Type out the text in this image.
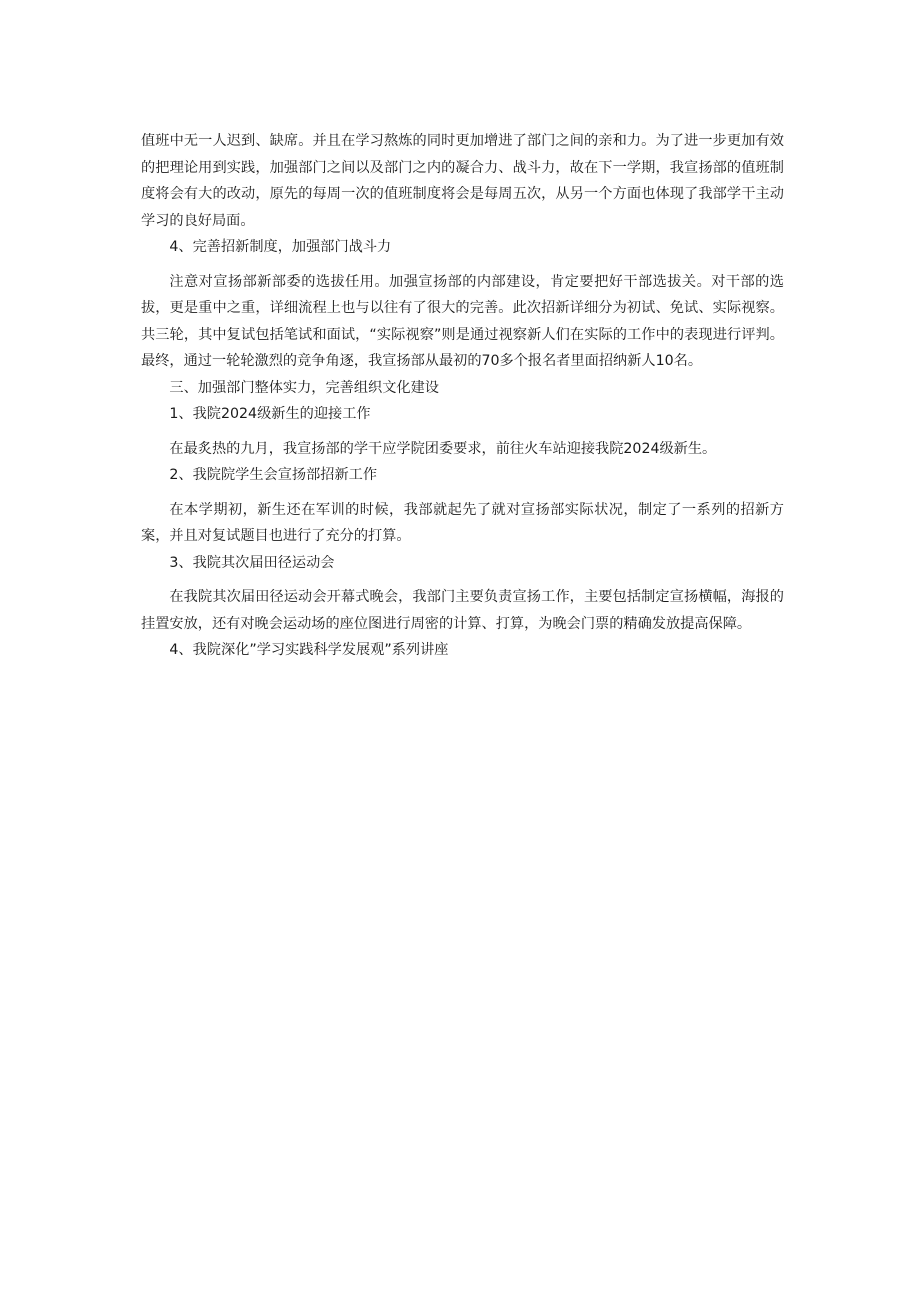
值班中无一人迟到、缺席。并且在学习熬炼的同时更加增进了部门之间的亲和力。为了进一步更加有效的把理论用到实践，加强部门之间以及部门之内的凝合力、战斗力，故在下一学期，我宣扬部的值班制度将会有大的改动，原先的每周一次的值班制度将会是每周五次，从另一个方面也体现了我部学干主动学习的良好局面。

4、完善招新制度，加强部门战斗力

注意对宣扬部新部委的选拔任用。加强宣扬部的内部建设，肯定要把好干部选拔关。对干部的选拔，更是重中之重，详细流程上也与以往有了很大的完善。此次招新详细分为初试、免试、实际视察。共三轮，其中复试包括笔试和面试，“实际视察”则是通过视察新人们在实际的工作中的表现进行评判。最终，通过一轮轮激烈的竞争角逐，我宣扬部从最初的70多个报名者里面招纳新人10名。

三、加强部门整体实力，完善组织文化建设

1、我院2024级新生的迎接工作

在最炙热的九月，我宣扬部的学干应学院团委要求，前往火车站迎接我院2024级新生。

2、我院院学生会宣扬部招新工作

在本学期初，新生还在军训的时候，我部就起先了就对宣扬部实际状况，制定了一系列的招新方案，并且对复试题目也进行了充分的打算。

3、我院其次届田径运动会

在我院其次届田径运动会开幕式晚会，我部门主要负责宣扬工作，主要包括制定宣扬横幅，海报的挂置安放，还有对晚会运动场的座位图进行周密的计算、打算，为晚会门票的精确发放提高保障。

4、我院深化”学习实践科学发展观”系列讲座
